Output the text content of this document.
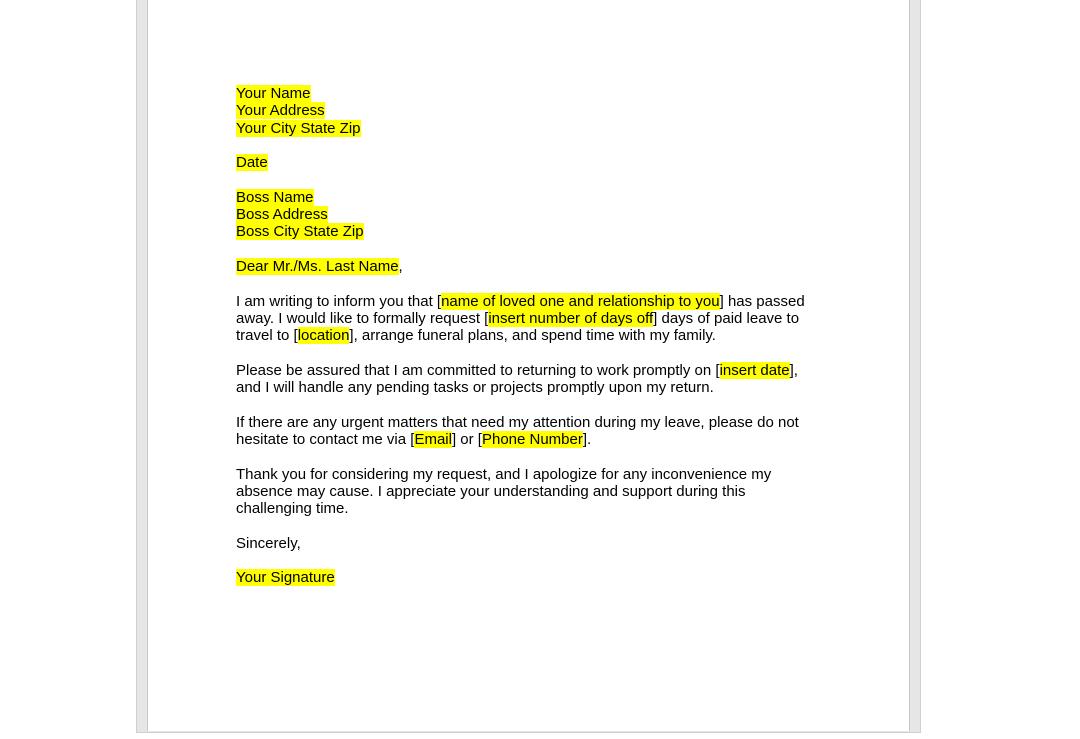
Your Name
Your Address
Your City State Zip

Date

Boss Name
Boss Address
Boss City State Zip

Dear Mr./Ms. Last Name,

I am writing to inform you that [name of loved one and relationship to you] has passed
away. I would like to formally request [insert number of days off] days of paid leave to
travel to [location], arrange funeral plans, and spend time with my family.

Please be assured that I am committed to returning to work promptly on [insert date],
and I will handle any pending tasks or projects promptly upon my return.

If there are any urgent matters that need my attention during my leave, please do not
hesitate to contact me via [Email] or [Phone Number].

Thank you for considering my request, and I apologize for any inconvenience my
absence may cause. I appreciate your understanding and support during this
challenging time.

Sincerely,

Your Signature
